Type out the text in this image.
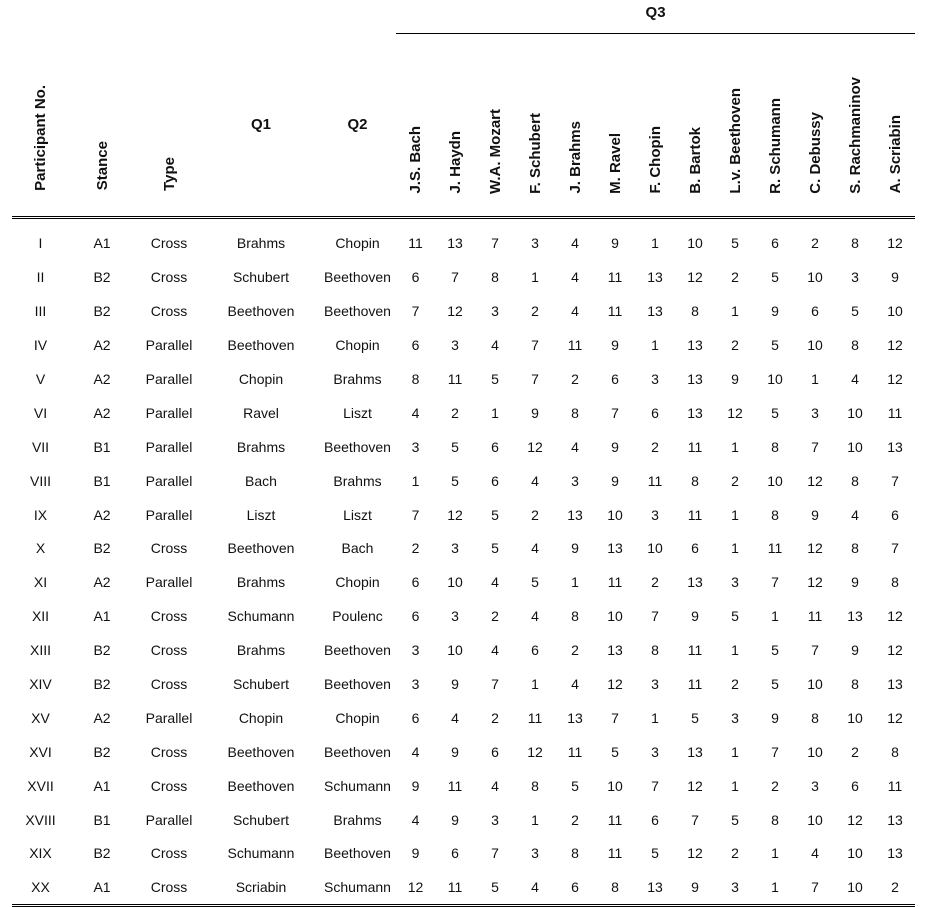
					Q3												
Participant No.	Stance	Type	Q1	Q2	J.S. Bach	J. Haydn	W.A. Mozart	F. Schubert	J. Brahms	M. Ravel	F. Chopin	B. Bartok	L.v. Beethoven	R. Schumann	C. Debussy	S. Rachmaninov	A. Scriabin
I	A1	Cross	Brahms	Chopin	11	13	7	3	4	9	1	10	5	6	2	8	12
II	B2	Cross	Schubert	Beethoven	6	7	8	1	4	11	13	12	2	5	10	3	9
III	B2	Cross	Beethoven	Beethoven	7	12	3	2	4	11	13	8	1	9	6	5	10
IV	A2	Parallel	Beethoven	Chopin	6	3	4	7	11	9	1	13	2	5	10	8	12
V	A2	Parallel	Chopin	Brahms	8	11	5	7	2	6	3	13	9	10	1	4	12
VI	A2	Parallel	Ravel	Liszt	4	2	1	9	8	7	6	13	12	5	3	10	11
VII	B1	Parallel	Brahms	Beethoven	3	5	6	12	4	9	2	11	1	8	7	10	13
VIII	B1	Parallel	Bach	Brahms	1	5	6	4	3	9	11	8	2	10	12	8	7
IX	A2	Parallel	Liszt	Liszt	7	12	5	2	13	10	3	11	1	8	9	4	6
X	B2	Cross	Beethoven	Bach	2	3	5	4	9	13	10	6	1	11	12	8	7
XI	A2	Parallel	Brahms	Chopin	6	10	4	5	1	11	2	13	3	7	12	9	8
XII	A1	Cross	Schumann	Poulenc	6	3	2	4	8	10	7	9	5	1	11	13	12
XIII	B2	Cross	Brahms	Beethoven	3	10	4	6	2	13	8	11	1	5	7	9	12
XIV	B2	Cross	Schubert	Beethoven	3	9	7	1	4	12	3	11	2	5	10	8	13
XV	A2	Parallel	Chopin	Chopin	6	4	2	11	13	7	1	5	3	9	8	10	12
XVI	B2	Cross	Beethoven	Beethoven	4	9	6	12	11	5	3	13	1	7	10	2	8
XVII	A1	Cross	Beethoven	Schumann	9	11	4	8	5	10	7	12	1	2	3	6	11
XVIII	B1	Parallel	Schubert	Brahms	4	9	3	1	2	11	6	7	5	8	10	12	13
XIX	B2	Cross	Schumann	Beethoven	9	6	7	3	8	11	5	12	2	1	4	10	13
XX	A1	Cross	Scriabin	Schumann	12	11	5	4	6	8	13	9	3	1	7	10	2
